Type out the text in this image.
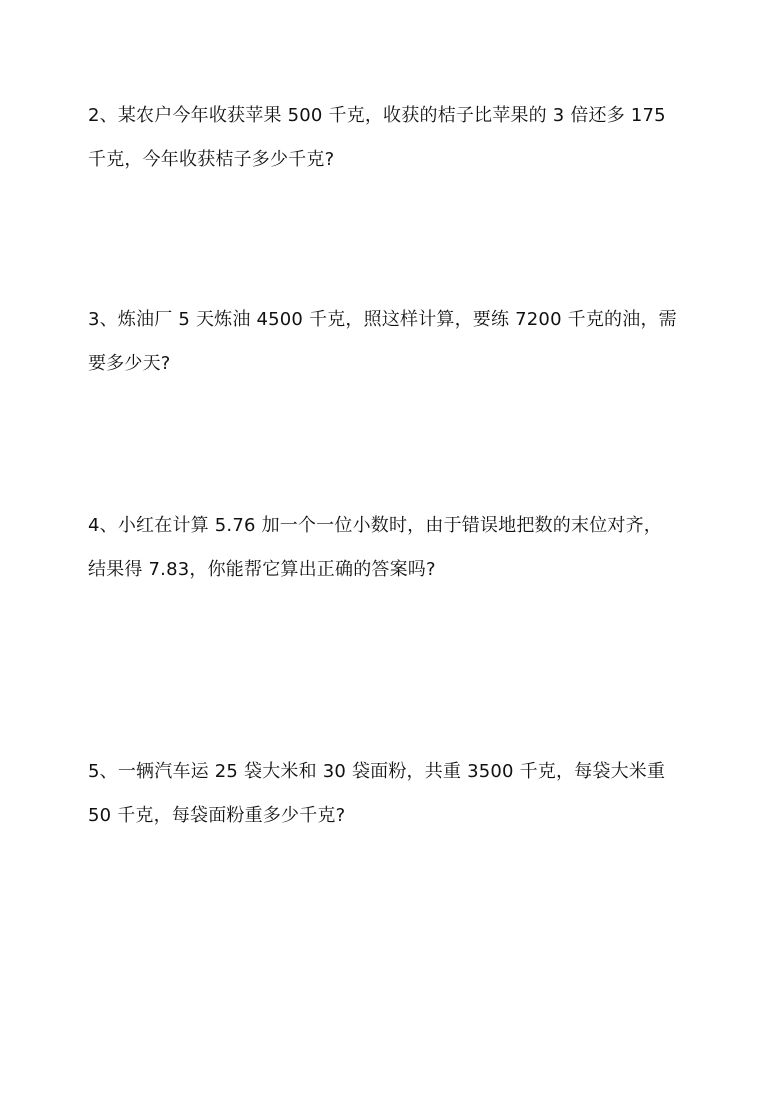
2、某农户今年收获苹果 500 千克，收获的桔子比苹果的 3 倍还多 175
千克，今年收获桔子多少千克?
3、炼油厂 5 天炼油 4500 千克，照这样计算，要练 7200 千克的油，需
要多少天?
4、小红在计算 5.76 加一个一位小数时，由于错误地把数的末位对齐，
结果得 7.83，你能帮它算出正确的答案吗?
5、一辆汽车运 25 袋大米和 30 袋面粉，共重 3500 千克，每袋大米重
50 千克，每袋面粉重多少千克?
